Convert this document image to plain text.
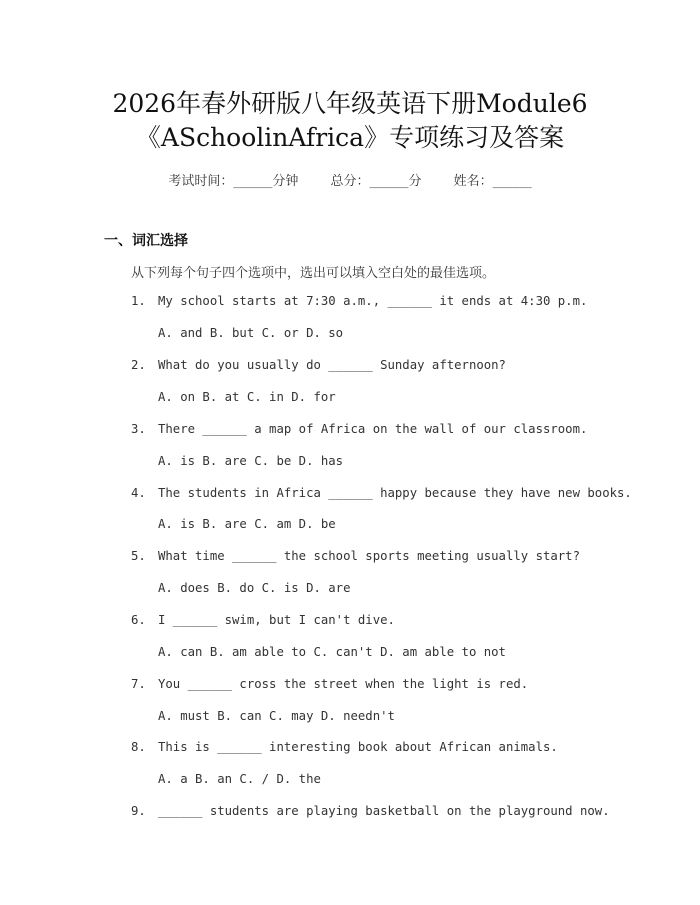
2026年春外研版八年级英语下册Module6
《ASchoolinAfrica》专项练习及答案
考试时间：______分钟 总分：______分 姓名：______
一、词汇选择
从下列每个句子四个选项中，选出可以填入空白处的最佳选项。
1. My school starts at 7:30 a.m., ______ it ends at 4:30 p.m.
A. and B. but C. or D. so
2. What do you usually do ______ Sunday afternoon?
A. on B. at C. in D. for
3. There ______ a map of Africa on the wall of our classroom.
A. is B. are C. be D. has
4. The students in Africa ______ happy because they have new books.
A. is B. are C. am D. be
5. What time ______ the school sports meeting usually start?
A. does B. do C. is D. are
6. I ______ swim, but I can't dive.
A. can B. am able to C. can't D. am able to not
7. You ______ cross the street when the light is red.
A. must B. can C. may D. needn't
8. This is ______ interesting book about African animals.
A. a B. an C. / D. the
9. ______ students are playing basketball on the playground now.
